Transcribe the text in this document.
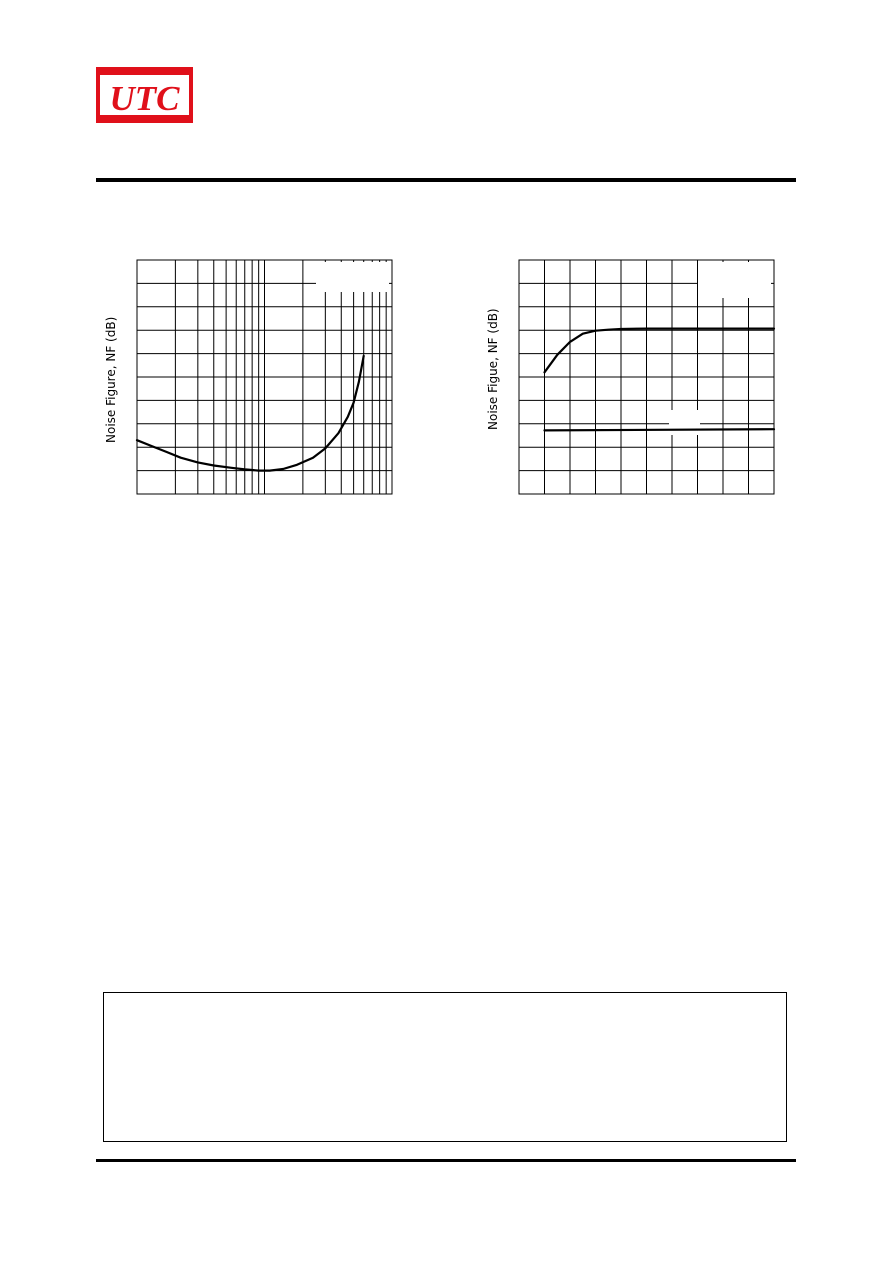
UTC
Noise Figure, NF (dB)	Noise Figue, NF (dB)
